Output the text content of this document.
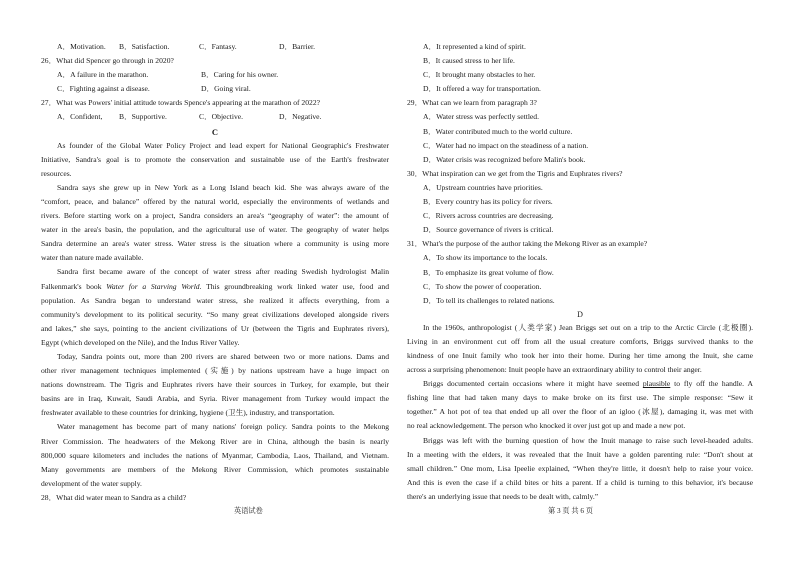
A．Motivation.	B．Satisfaction.	C．Fantasy.	D．Barrier.
26．What did Spencer go through in 2020?
A．A failure in the marathon.	B．Caring for his owner.
C．Fighting against a disease.	D．Going viral.
27．What was Powers' initial attitude towards Spence's appearing at the marathon of 2022?
A．Confident,	B．Supportive.	C．Objective.	D．Negative.
C
As founder of the Global Water Policy Project and lead expert for National Geographic's Freshwater
Initiative, Sandra's goal is to promote the conservation and sustainable use of the Earth's freshwater
resources.
Sandra says she grew up in New York as a Long Island beach kid. She was always aware of the
“comfort, peace, and balance” offered by the natural world, especially the environments of wetlands and
rivers. Before starting work on a project, Sandra considers an area's “geography of water”: the amount of
water in the area's basin, the population, and the agricultural use of water. The geography of water helps
Sandra determine an area's water stress. Water stress is the situation where a community is using more
water than nature made available.
Sandra first became aware of the concept of water stress after reading Swedish hydrologist Malin
Falkenmark's book Water for a Starving World. This groundbreaking work linked water use, food and
population. As Sandra began to understand water stress, she realized it affects everything, from a
community's development to its political security. “So many great civilizations developed alongside rivers
and lakes,” she says, pointing to the ancient civilizations of Ur (between the Tigris and Euphrates rivers),
Egypt (which developed on the Nile), and the Indus River Valley.
Today, Sandra points out, more than 200 rivers are shared between two or more nations. Dams and
other river management techniques implemented (实施) by nations upstream have a huge impact on
nations downstream. The Tigris and Euphrates rivers have their sources in Turkey, for example, but their
basins are in Iraq, Kuwait, Saudi Arabia, and Syria. River management from Turkey would impact the
freshwater available to these countries for drinking, hygiene (卫生), industry, and transportation.
Water management has become part of many nations' foreign policy. Sandra points to the Mekong
River Commission. The headwaters of the Mekong River are in China, although the basin is nearly
800,000 square kilometers and includes the nations of Myanmar, Cambodia, Laos, Thailand, and Vietnam.
Many governments are members of the Mekong River Commission, which promotes sustainable
development of the water supply.
28．What did water mean to Sandra as a child?
A．It represented a kind of spirit.
B．It caused stress to her life.
C．It brought many obstacles to her.
D．It offered a way for transportation.
29．What can we learn from paragraph 3?
A．Water stress was perfectly settled.
B．Water contributed much to the world culture.
C．Water had no impact on the steadiness of a nation.
D．Water crisis was recognized before Malin's book.
30．What inspiration can we get from the Tigris and Euphrates rivers?
A．Upstream countries have priorities.
B．Every country has its policy for rivers.
C．Rivers across countries are decreasing.
D．Source governance of rivers is critical.
31．What's the purpose of the author taking the Mekong River as an example?
A．To show its importance to the locals.
B．To emphasize its great volume of flow.
C．To show the power of cooperation.
D．To tell its challenges to related nations.
D
In the 1960s, anthropologist (人类学家) Jean Briggs set out on a trip to the Arctic Circle (北极圈).
Living in an environment cut off from all the usual creature comforts, Briggs survived thanks to the
kindness of one Inuit family who took her into their home. During her time among the Inuit, she came
across a surprising phenomenon: Inuit people have an extraordinary ability to control their anger.
Briggs documented certain occasions where it might have seemed plausible to fly off the handle. A
fishing line that had taken many days to make broke on its first use. The simple response: “Sew it
together.” A hot pot of tea that ended up all over the floor of an igloo (冰屋), damaging it, was met with
no real acknowledgement. The person who knocked it over just got up and made a new pot.
Briggs was left with the burning question of how the Inuit manage to raise such level-headed adults.
In a meeting with the elders, it was revealed that the Inuit have a golden parenting rule: “Don't shout at
small children.” One mom, Lisa Ipeelie explained, “When they're little, it doesn't help to raise your voice.
And this is even the case if a child bites or hits a parent. If a child is turning to this behavior, it's because
there's an underlying issue that needs to be dealt with, calmly.”
英语试卷	第 3 页 共 6 页
